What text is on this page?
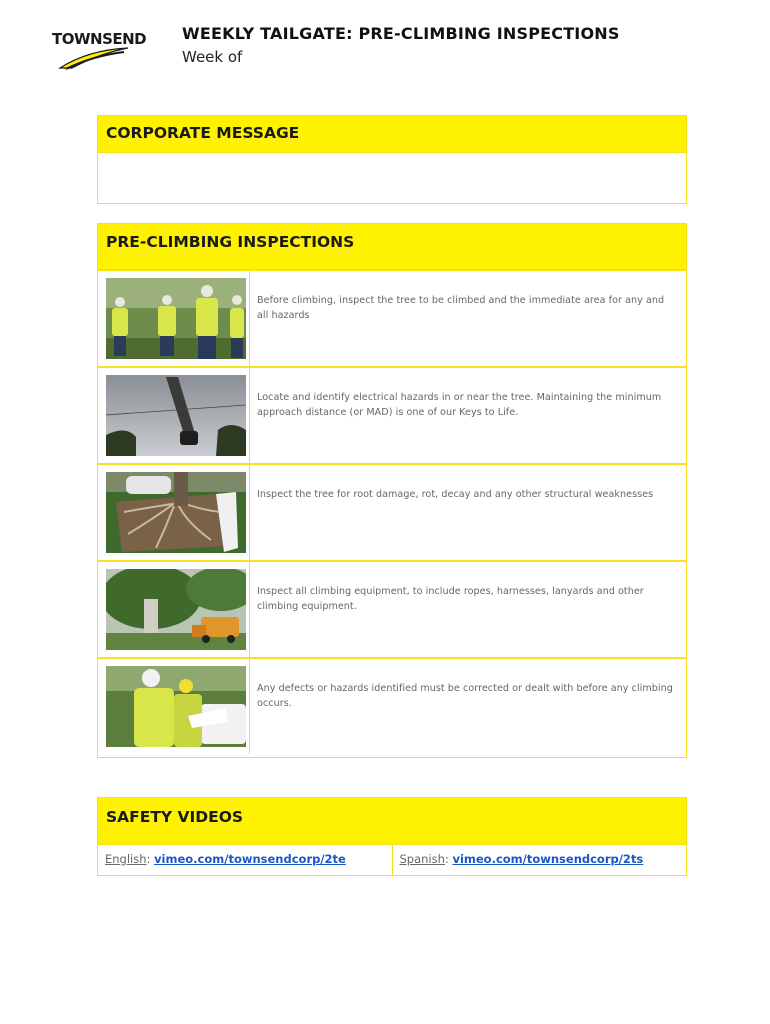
TOWNSEND WEEKLY TAILGATE: PRE-CLIMBING INSPECTIONS
Week of
CORPORATE MESSAGE
PRE-CLIMBING INSPECTIONS
Before climbing, inspect the tree to be climbed and the immediate area for any and all hazards
Locate and identify electrical hazards in or near the tree. Maintaining the minimum approach distance (or MAD) is one of our Keys to Life.
Inspect the tree for root damage, rot, decay and any other structural weaknesses
Inspect all climbing equipment, to include ropes, harnesses, lanyards and other climbing equipment.
Any defects or hazards identified must be corrected or dealt with before any climbing occurs.
SAFETY VIDEOS
English: vimeo.com/townsendcorp/2te	Spanish: vimeo.com/townsendcorp/2ts
